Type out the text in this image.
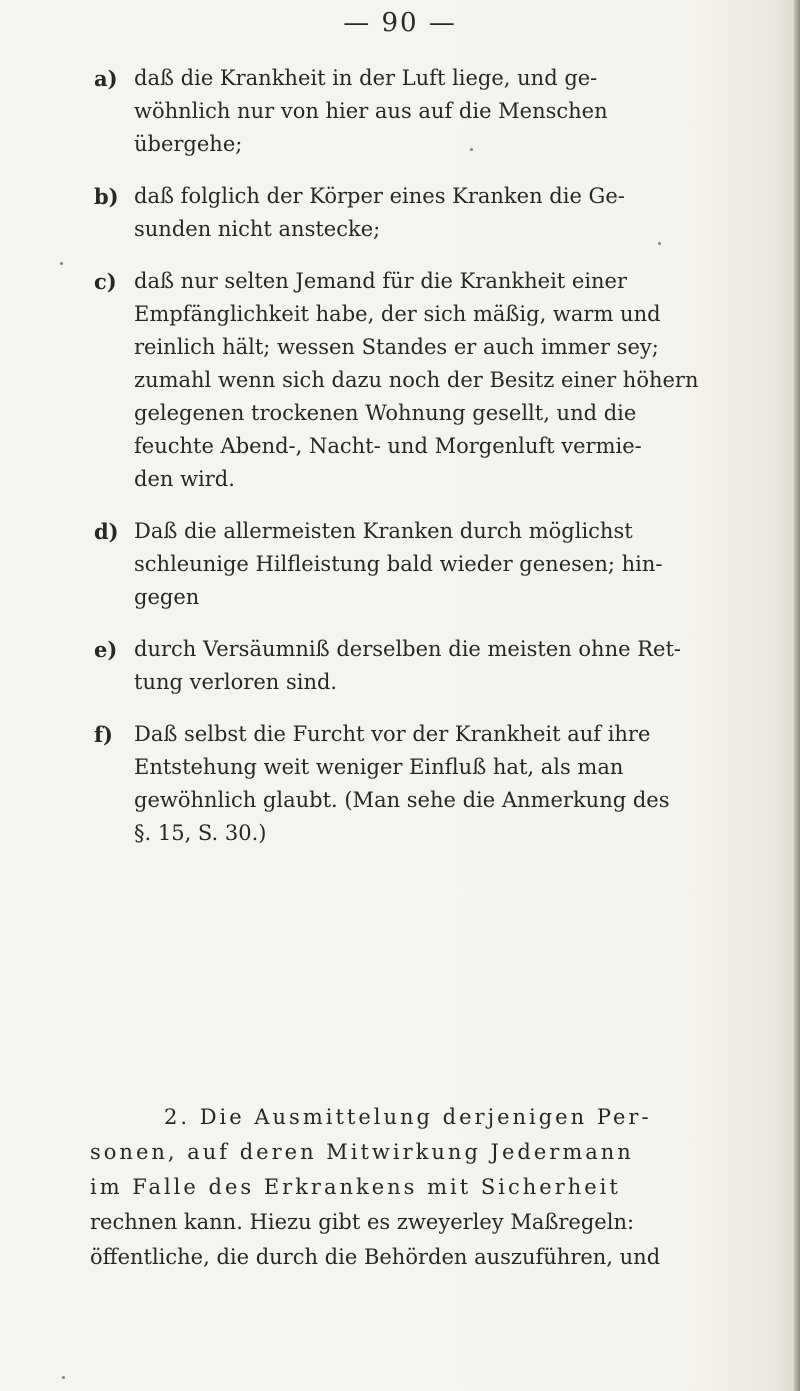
— 90 —
a) daß die Krankheit in der Luft liege, und ge-
wöhnlich nur von hier aus auf die Menschen
übergehe;
b) daß folglich der Körper eines Kranken die Ge-
sunden nicht anstecke;
c) daß nur selten Jemand für die Krankheit einer
Empfänglichkeit habe, der sich mäßig, warm und
reinlich hält; wessen Standes er auch immer sey;
zumahl wenn sich dazu noch der Besitz einer höhern
gelegenen trockenen Wohnung gesellt, und die
feuchte Abend-, Nacht- und Morgenluft vermie-
den wird.
d) Daß die allermeisten Kranken durch möglichst
schleunige Hilfleistung bald wieder genesen; hin-
gegen
e) durch Versäumniß derselben die meisten ohne Ret-
tung verloren sind.
f)	Daß selbst die Furcht vor der Krankheit auf ihre
Entstehung weit weniger Einfluß hat, als man
gewöhnlich glaubt. (Man sehe die Anmerkung des
§. 15, S. 30.)
2. Die Ausmittelung derjenigen Per-
sonen, auf deren Mitwirkung Jedermann
im Falle des Erkrankens mit Sicherheit
rechnen kann. Hiezu gibt es zweyerley Maßregeln:
öffentliche, die durch die Behörden auszuführen, und
